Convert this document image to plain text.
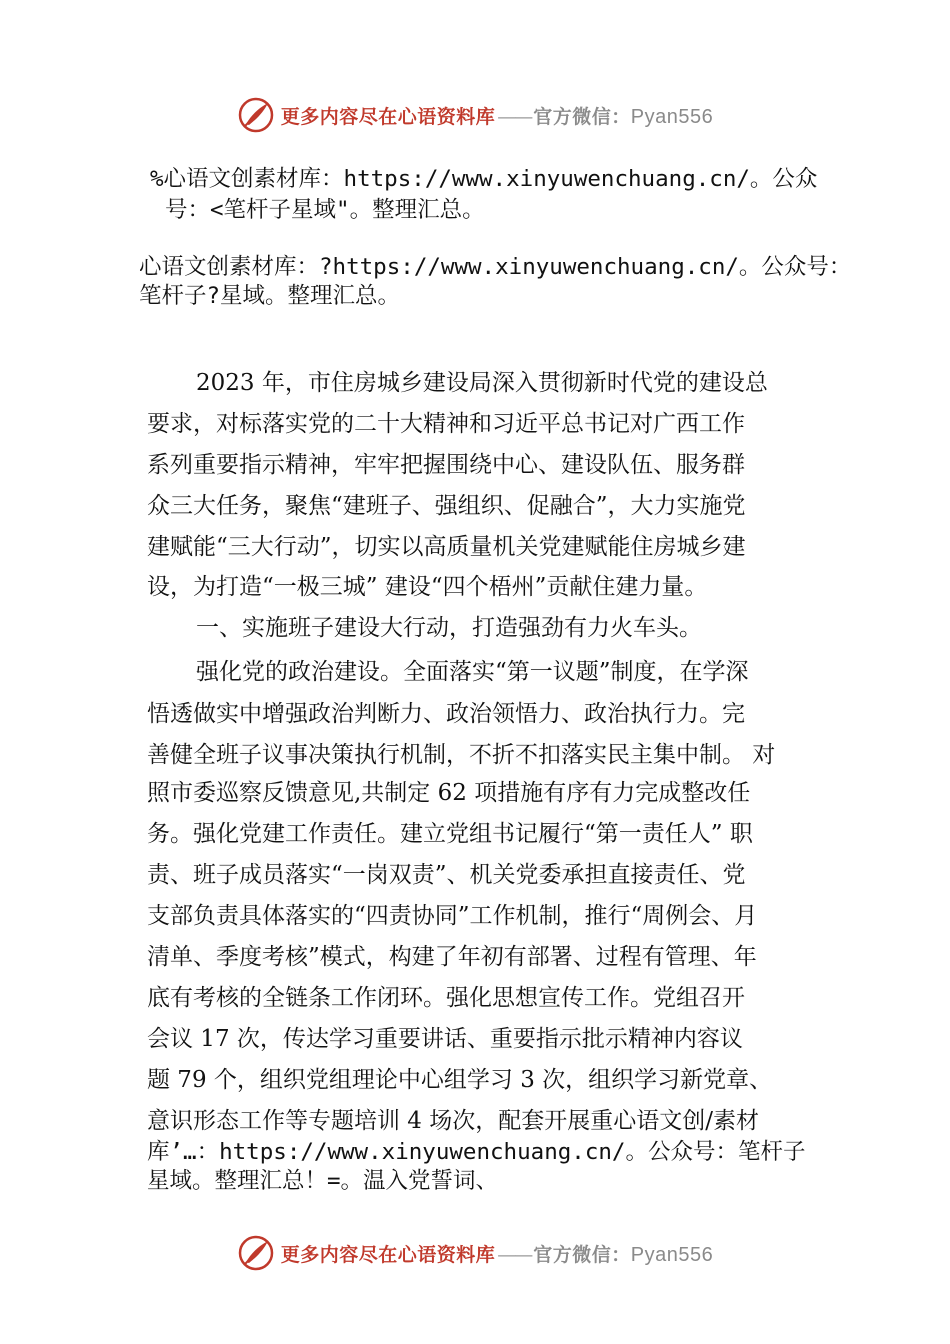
更多内容尽在心语资料库 —— 官方微信：Pyan556

%心语文创素材库：https://www.xinyuwenchuang.cn/。公众

号：<笔杆子星域"。整理汇总。

心语文创素材库：?https://www.xinyuwenchuang.cn/。公众号：

笔杆子?星域。整理汇总。

2023 年，市住房城乡建设局深入贯彻新时代党的建设总

要求，对标落实党的二十大精神和习近平总书记对广西工作

系列重要指示精神，牢牢把握围绕中心、建设队伍、服务群

众三大任务，聚焦“建班子、强组织、促融合”，大力实施党

建赋能“三大行动”，切实以高质量机关党建赋能住房城乡建

设，为打造“一极三城” 建设“四个梧州”贡献住建力量。

一、实施班子建设大行动，打造强劲有力火车头。

强化党的政治建设。全面落实“第一议题”制度，在学深

悟透做实中增强政治判断力、政治领悟力、政治执行力。完

善健全班子议事决策执行机制，不折不扣落实民主集中制。 对

照市委巡察反馈意见,共制定 62 项措施有序有力完成整改任

务。强化党建工作责任。建立党组书记履行“第一责任人” 职

责、班子成员落实“一岗双责”、机关党委承担直接责任、党

支部负责具体落实的“四责协同”工作机制，推行“周例会、月

清单、季度考核”模式，构建了年初有部署、过程有管理、年

底有考核的全链条工作闭环。强化思想宣传工作。党组召开

会议 17 次，传达学习重要讲话、重要指示批示精神内容议

题 79 个，组织党组理论中心组学习 3 次，组织学习新党章、

意识形态工作等专题培训 4 场次，配套开展重心语文创/素材

库’…：https://www.xinyuwenchuang.cn/。公众号：笔杆子

星域。整理汇总！=。温入党誓词、

更多内容尽在心语资料库 —— 官方微信：Pyan556
